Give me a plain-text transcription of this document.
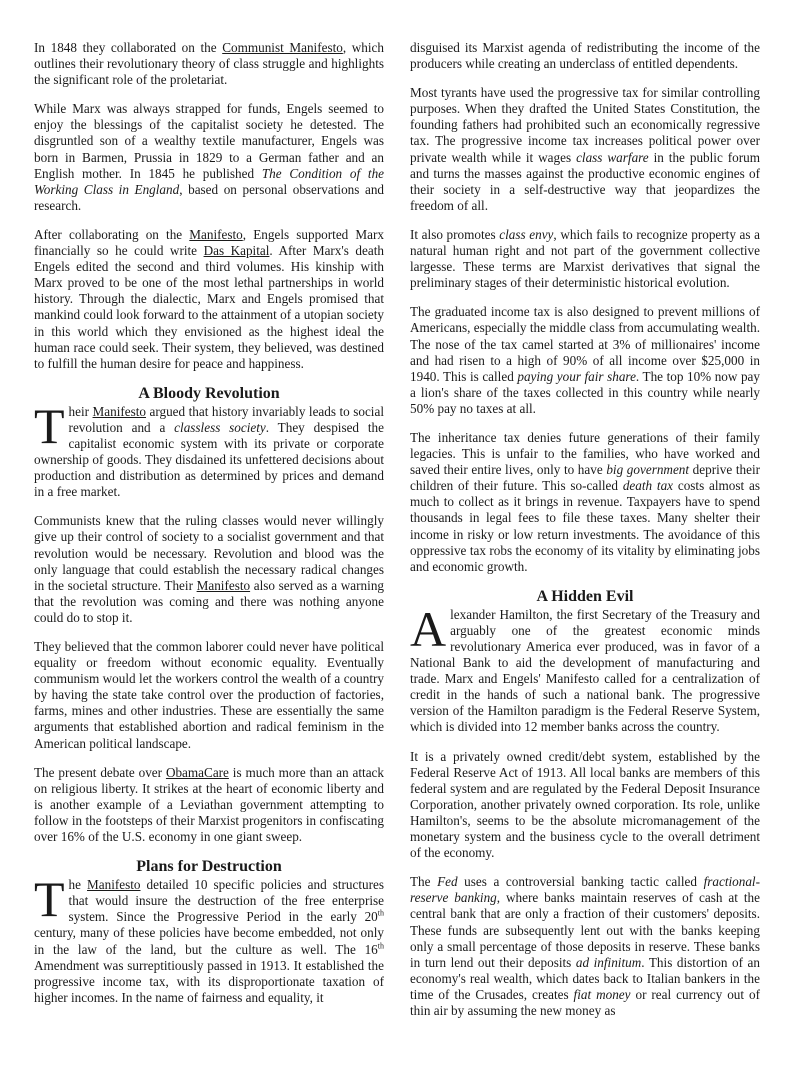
In 1848 they collaborated on the Communist Manifesto, which outlines their revolutionary theory of class struggle and highlights the significant role of the proletariat.

While Marx was always strapped for funds, Engels seemed to enjoy the blessings of the capitalist society he detested. The disgruntled son of a wealthy textile manufacturer, Engels was born in Barmen, Prussia in 1829 to a German father and an English mother. In 1845 he published The Condition of the Working Class in England, based on personal observations and research.

After collaborating on the Manifesto, Engels supported Marx financially so he could write Das Kapital. After Marx's death Engels edited the second and third volumes. His kinship with Marx proved to be one of the most lethal partnerships in world history. Through the dialectic, Marx and Engels promised that mankind could look forward to the attainment of a utopian society in this world which they envisioned as the highest ideal the human race could seek. Their system, they believed, was destined to fulfill the human desire for peace and happiness.

A Bloody Revolution

Their Manifesto argued that history invariably leads to social revolution and a classless society. They despised the capitalist economic system with its private or corporate ownership of goods. They disdained its unfettered decisions about production and distribution as determined by prices and demand in a free market.

Communists knew that the ruling classes would never willingly give up their control of society to a socialist government and that revolution would be necessary. Revolution and blood was the only language that could establish the necessary radical changes in the societal structure. Their Manifesto also served as a warning that the revolution was coming and there was nothing anyone could do to stop it.

They believed that the common laborer could never have political equality or freedom without economic equality. Eventually communism would let the workers control the wealth of a country by having the state take control over the production of factories, farms, mines and other industries. These are essentially the same arguments that established abortion and radical feminism in the American political landscape.

The present debate over ObamaCare is much more than an attack on religious liberty. It strikes at the heart of economic liberty and is another example of a Leviathan government attempting to follow in the footsteps of their Marxist progenitors in confiscating over 16% of the U.S. economy in one giant sweep.

Plans for Destruction

The Manifesto detailed 10 specific policies and structures that would insure the destruction of the free enterprise system. Since the Progressive Period in the early 20th century, many of these policies have become embedded, not only in the law of the land, but the culture as well. The 16th Amendment was surreptitiously passed in 1913. It established the progressive income tax, with its disproportionate taxation of higher incomes. In the name of fairness and equality, it

disguised its Marxist agenda of redistributing the income of the producers while creating an underclass of entitled dependents.

Most tyrants have used the progressive tax for similar controlling purposes. When they drafted the United States Constitution, the founding fathers had prohibited such an economically regressive tax. The progressive income tax increases political power over private wealth while it wages class warfare in the public forum and turns the masses against the productive economic engines of their society in a self-destructive way that jeopardizes the freedom of all.

It also promotes class envy, which fails to recognize property as a natural human right and not part of the government collective largesse. These terms are Marxist derivatives that signal the preliminary stages of their deterministic historical evolution.

The graduated income tax is also designed to prevent millions of Americans, especially the middle class from accumulating wealth. The nose of the tax camel started at 3% of millionaires' income and had risen to a high of 90% of all income over $25,000 in 1940. This is called paying your fair share. The top 10% now pay a lion's share of the taxes collected in this country while nearly 50% pay no taxes at all.

The inheritance tax denies future generations of their family legacies. This is unfair to the families, who have worked and saved their entire lives, only to have big government deprive their children of their future. This so-called death tax costs almost as much to collect as it brings in revenue. Taxpayers have to spend thousands in legal fees to file these taxes. Many shelter their income in risky or low return investments. The avoidance of this oppressive tax robs the economy of its vitality by eliminating jobs and economic growth.

A Hidden Evil

Alexander Hamilton, the first Secretary of the Treasury and arguably one of the greatest economic minds revolutionary America ever produced, was in favor of a National Bank to aid the development of manufacturing and trade. Marx and Engels' Manifesto called for a centralization of credit in the hands of such a national bank. The progressive version of the Hamilton paradigm is the Federal Reserve System, which is divided into 12 member banks across the country.

It is a privately owned credit/debt system, established by the Federal Reserve Act of 1913. All local banks are members of this federal system and are regulated by the Federal Deposit Insurance Corporation, another privately owned corporation. Its role, unlike Hamilton's, seems to be the absolute micromanagement of the monetary system and the business cycle to the overall detriment of the economy.

The Fed uses a controversial banking tactic called fractional-reserve banking, where banks maintain reserves of cash at the central bank that are only a fraction of their customers' deposits. These funds are subsequently lent out with the banks keeping only a small percentage of those deposits in reserve. These banks in turn lend out their deposits ad infinitum. This distortion of an economy's real wealth, which dates back to Italian bankers in the time of the Crusades, creates fiat money or real currency out of thin air by assuming the new money as
